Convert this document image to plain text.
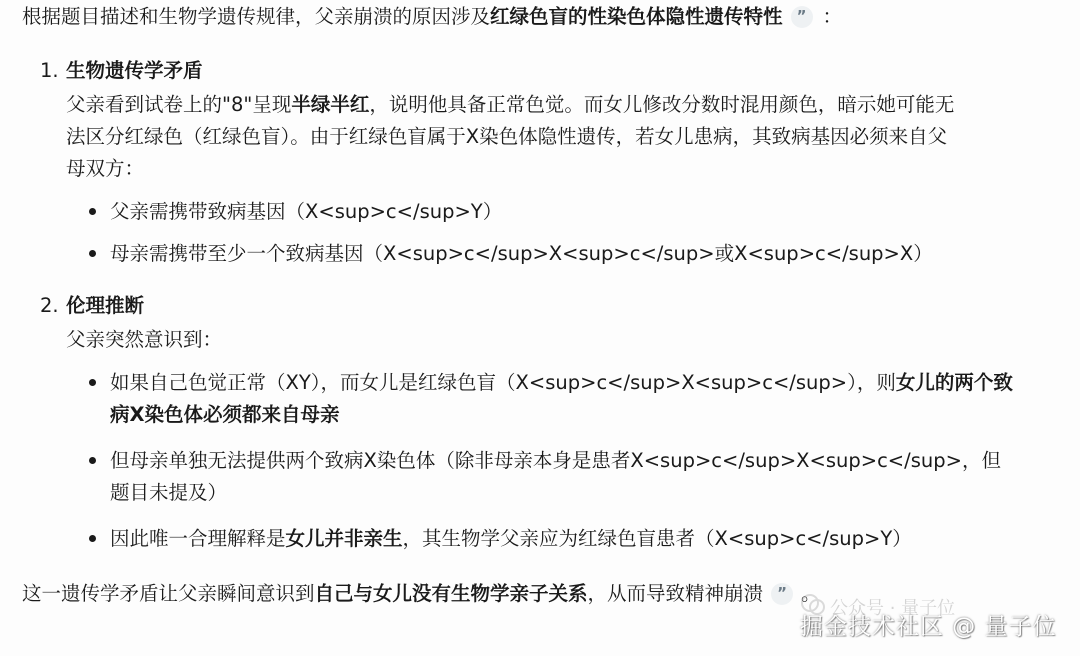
根据题目描述和生物学遗传规律，父亲崩溃的原因涉及红绿色盲的性染色体隐性遗传特性 ” ：
1. 生物遗传学矛盾
父亲看到试卷上的"8"呈现半绿半红，说明他具备正常色觉。而女儿修改分数时混用颜色，暗示她可能无
法区分红绿色（红绿色盲）。由于红绿色盲属于X染色体隐性遗传，若女儿患病，其致病基因必须来自父
母双方：
父亲需携带致病基因（X<sup>c</sup>Y）
母亲需携带至少一个致病基因（X<sup>c</sup>X<sup>c</sup>或X<sup>c</sup>X）
2. 伦理推断
父亲突然意识到：
如果自己色觉正常（XY），而女儿是红绿色盲（X<sup>c</sup>X<sup>c</sup>），则女儿的两个致
病X染色体必须都来自母亲
但母亲单独无法提供两个致病X染色体（除非母亲本身是患者X<sup>c</sup>X<sup>c</sup>，但
题目未提及）
因此唯一合理解释是女儿并非亲生，其生物学父亲应为红绿色盲患者（X<sup>c</sup>Y）
这一遗传学矛盾让父亲瞬间意识到自己与女儿没有生物学亲子关系，从而导致精神崩溃 ” 。
公众号 · 量子位
掘金技术社区 @ 量子位
